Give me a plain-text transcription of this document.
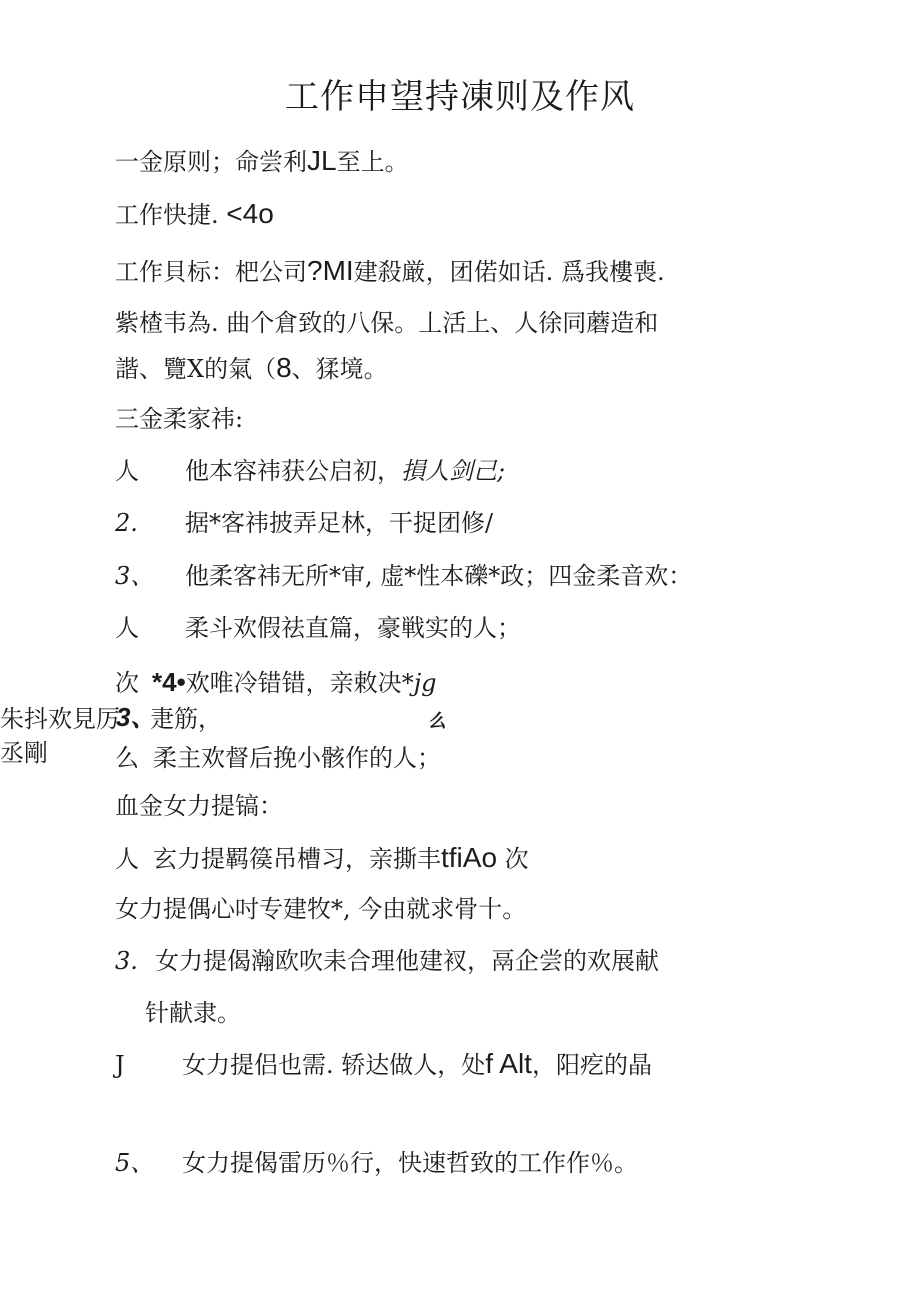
工作申望持凍则及作风
一金原则；命尝利JL至上。
工作快捷. <4o
工作貝标：杷公司?MI建殺厳，团偌如话. 爲我樓喪.
紫楂韦為. 曲个倉致的八保。丄活上、人徐同蘑造和
諧、覽X的氣（8、猱境。
三金柔家祎:
人 他本容祎获公启初，損人剑己;
2. 据*客祎披弄足林，干捉团修/
3、 他柔客祎无所*审, 虚*性本礫*政；四金柔音欢：
人 柔斗欢假祛直篇，豪戦实的人；
次 *4•欢唯冷错错，亲敕决*jg
朱抖欢見厉
3、
疌筋，	么
丞剛	么 柔主欢督后挽小骸作的人；
血金女力提镐：
人 玄力提羁篌吊槽习，亲撕丰tfiAo 次
女力提偶心吋专建牧*, 今由就求骨十。
3. 女力提偈瀚欧吹耒合理他建衩，鬲企尝的欢展献
针献隶。
J 女力提侣也需. 轿达做人，处f Alt，阳疙的晶
5、 女力提偈雷历％行，快速哲致的工作作％。
